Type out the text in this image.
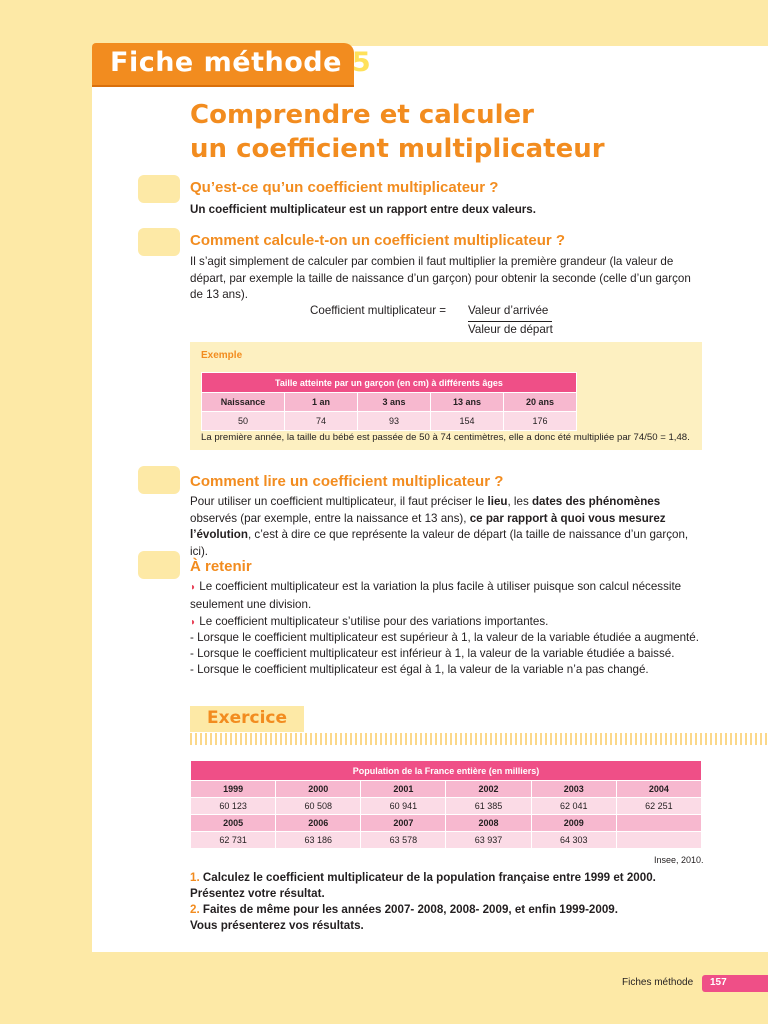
Fiche méthode 5
Comprendre et calculer
un coefficient multiplicateur
Qu’est-ce qu’un coefficient multiplicateur ?

Un coefficient multiplicateur est un rapport entre deux valeurs.

Comment calcule-t-on un coefficient multiplicateur ?

Il s’agit simplement de calculer par combien il faut multiplier la première grandeur (la valeur de départ, par exemple la taille de naissance d’un garçon) pour obtenir la seconde (celle d’un garçon de 13 ans).

Coefficient multiplicateur = Valeur d’arrivée
Valeur de départ
Exemple
Taille atteinte par un garçon (en cm) à différents âges				
Naissance	1 an	3 ans	13 ans	20 ans
50	74	93	154	176
La première année, la taille du bébé est passée de 50 à 74 centimètres, elle a donc été multipliée par 74/50 = 1,48.
Comment lire un coefficient multiplicateur ?

Pour utiliser un coefficient multiplicateur, il faut préciser le lieu, les dates des phénomènes observés (par exemple, entre la naissance et 13 ans), ce par rapport à quoi vous mesurez l’évolution, c’est à dire ce que représente la valeur de départ (la taille de naissance d’un garçon, ici).

À retenir

◗ Le coefficient multiplicateur est la variation la plus facile à utiliser puisque son calcul nécessite seulement une division.

◗ Le coefficient multiplicateur s’utilise pour des variations importantes.

- Lorsque le coefficient multiplicateur est supérieur à 1, la valeur de la variable étudiée a augmenté.

- Lorsque le coefficient multiplicateur est inférieur à 1, la valeur de la variable étudiée a baissé.

- Lorsque le coefficient multiplicateur est égal à 1, la valeur de la variable n’a pas changé.

Exercice
Population de la France entière (en milliers)					
1999	2000	2001	2002	2003	2004
60 123	60 508	60 941	61 385	62 041	62 251
2005	2006	2007	2008	2009	
62 731	63 186	63 578	63 937	64 303	
Insee, 2010.

1. Calculez le coefficient multiplicateur de la population française entre 1999 et 2000.
Présentez votre résultat.

2. Faites de même pour les années 2007- 2008, 2008- 2009, et enfin 1999-2009.
Vous présenterez vos résultats.

Fiches méthode 157
